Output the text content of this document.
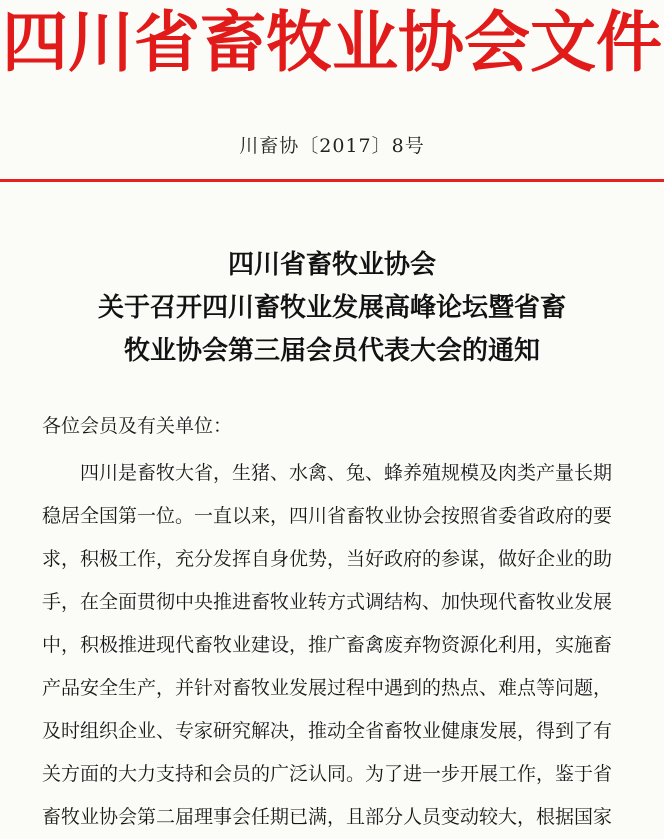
四川省畜牧业协会文件
川畜协〔2017〕8号
四川省畜牧业协会
关于召开四川畜牧业发展高峰论坛暨省畜
牧业协会第三届会员代表大会的通知
各位会员及有关单位：
四川是畜牧大省，生猪、水禽、兔、蜂养殖规模及肉类产量长期
稳居全国第一位。一直以来，四川省畜牧业协会按照省委省政府的要
求，积极工作，充分发挥自身优势，当好政府的参谋，做好企业的助
手，在全面贯彻中央推进畜牧业转方式调结构、加快现代畜牧业发展
中，积极推进现代畜牧业建设，推广畜禽废弃物资源化利用，实施畜
产品安全生产，并针对畜牧业发展过程中遇到的热点、难点等问题，
及时组织企业、专家研究解决，推动全省畜牧业健康发展，得到了有
关方面的大力支持和会员的广泛认同。为了进一步开展工作，鉴于省
畜牧业协会第二届理事会任期已满，且部分人员变动较大，根据国家
